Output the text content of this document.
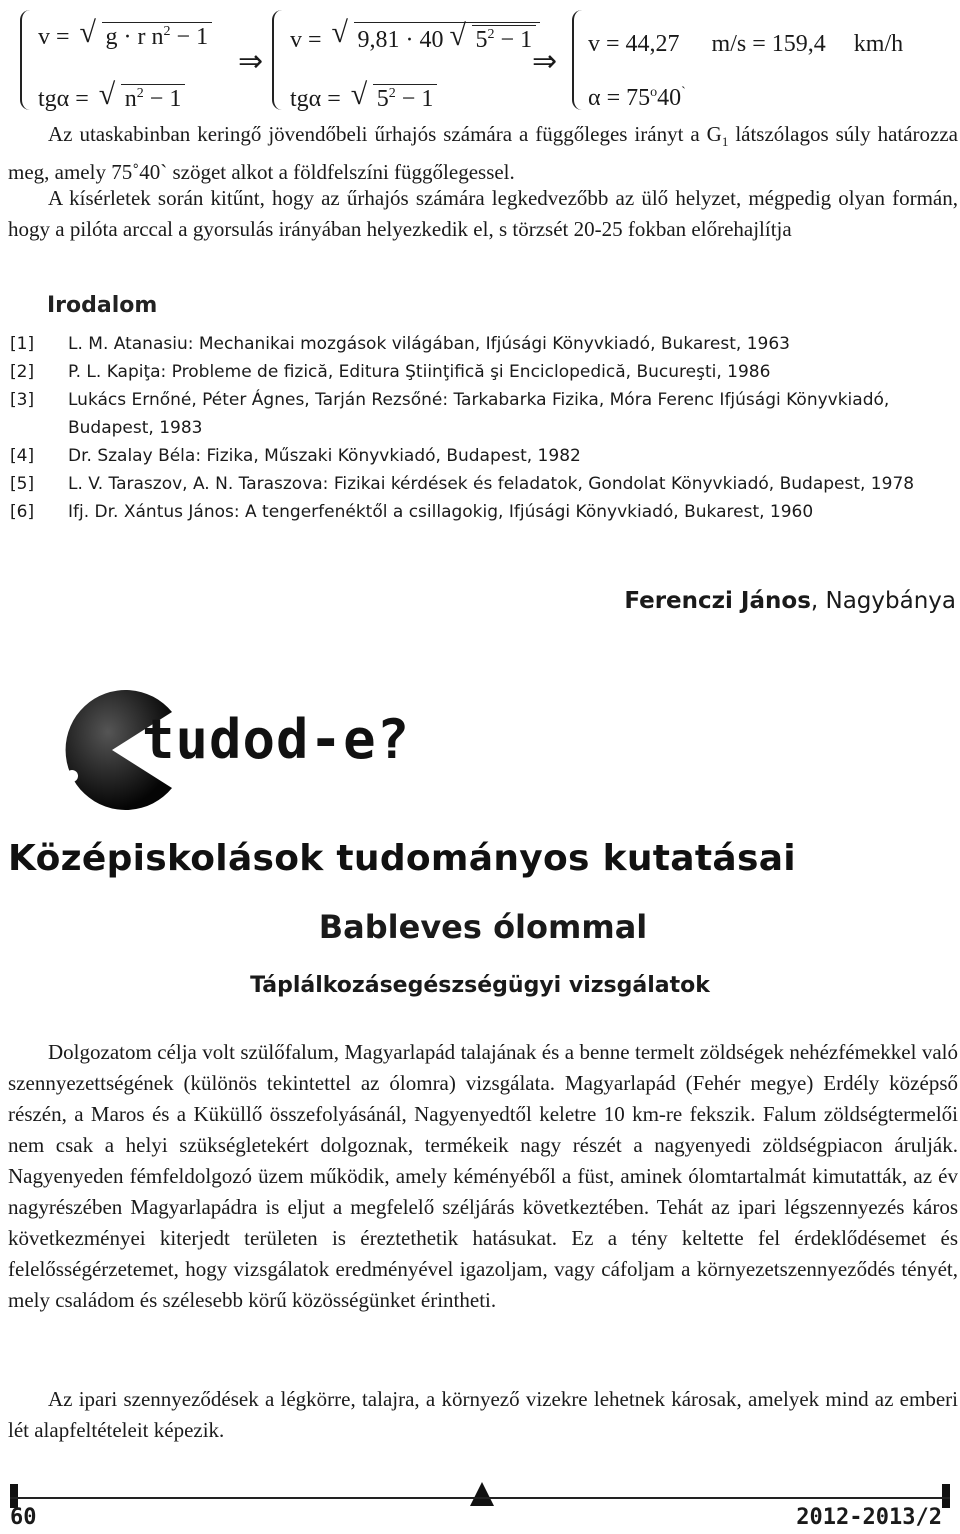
v = √ g · r $n^2 - 1$
tgα = √ $n^2 - 1$
⇒
v = √ 9,81 · 40 √ $5^2 - 1$
tgα = √ $5^2 - 1$
⇒ v = 44,27 m/s = 159,4 km/h
$\alpha = 75^o40^`$
Az utaskabinban keringő jövendőbeli űrhajós számára a függőleges irányt a $G_1$ látszólagos súly határozza meg, amely 75˚40` szöget alkot a földfelszíni függőlegessel.
A kísérletek során kitűnt, hogy az űrhajós számára legkedvezőbb az ülő helyzet, mégpedig olyan formán, hogy a pilóta arccal a gyorsulás irányában helyezkedik el, s törzsét 20-25 fokban előrehajlítja
Irodalom
[1]	L. M. Atanasiu: Mechanikai mozgások világában, Ifjúsági Könyvkiadó, Bukarest, 1963
[2]	P. L. Kapiţa: Probleme de fizică, Editura Ştiinţifică şi Enciclopedică, Bucureşti, 1986
[3]	Lukács Ernőné, Péter Ágnes, Tarján Rezsőné: Tarkabarka Fizika, Móra Ferenc Ifjúsági Könyvkiadó, Budapest, 1983
[4]	Dr. Szalay Béla: Fizika, Műszaki Könyvkiadó, Budapest, 1982
[5]	L. V. Taraszov, A. N. Taraszova: Fizikai kérdések és feladatok, Gondolat Könyvkiadó, Budapest, 1978
[6]	Ifj. Dr. Xántus János: A tengerfenéktől a csillagokig, Ifjúsági Könyvkiadó, Bukarest, 1960
Ferenczi János, Nagybánya
tudod-e?
Középiskolások tudományos kutatásai
Bableves ólommal
Táplálkozásegészségügyi vizsgálatok
Dolgozatom célja volt szülőfalum, Magyarlapád talajának és a benne termelt zöldségek nehézfémekkel való szennyezettségének (különös tekintettel az ólomra) vizsgálata. Magyarlapád (Fehér megye) Erdély középső részén, a Maros és a Küküllő összefolyásánál, Nagyenyedtől keletre 10 km-re fekszik. Falum zöldségtermelői nem csak a helyi szükségletekért dolgoznak, termékeik nagy részét a nagyenyedi zöldségpiacon árulják. Nagyenyeden fémfeldolgozó üzem működik, amely kéményéből a füst, aminek ólomtartalmát kimutatták, az év nagyrészében Magyarlapádra is eljut a megfelelő széljárás következtében. Tehát az ipari légszennyezés káros következményei kiterjedt területen is éreztethetik hatásukat. Ez a tény keltette fel érdeklődésemet és felelősségérzetemet, hogy vizsgálatok eredményével igazoljam, vagy cáfoljam a környezetszennyeződés tényét, mely családom és szélesebb körű közösségünket érintheti.
Az ipari szennyeződések a légkörre, talajra, a környező vizekre lehetnek károsak, amelyek mind az emberi lét alapfeltételeit képezik.
60	2012-2013/2
